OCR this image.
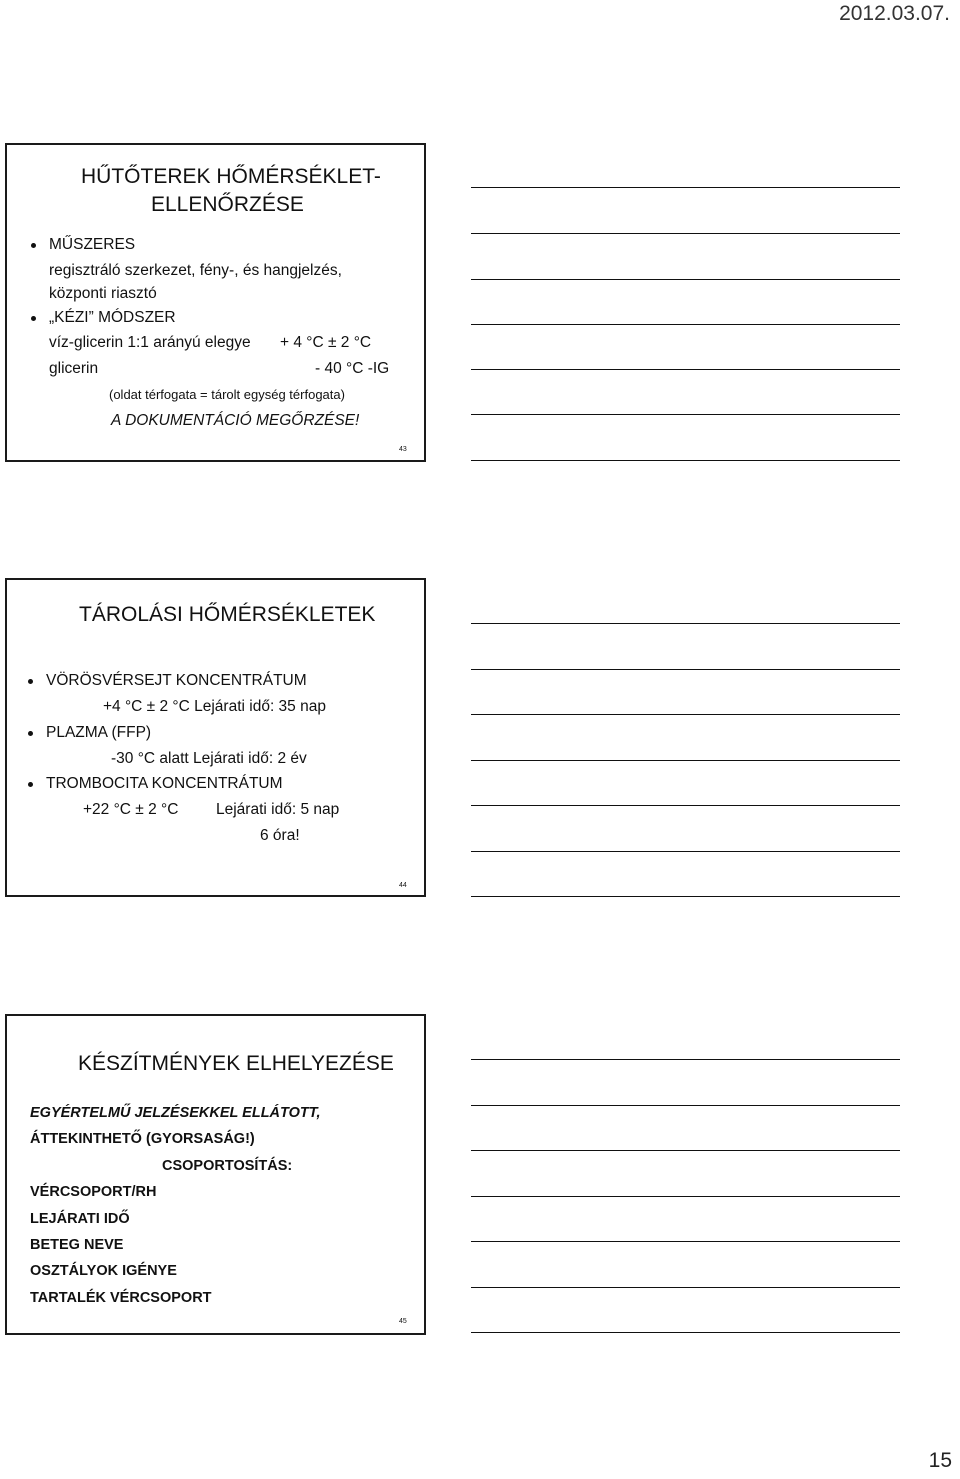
2012.03.07.
HŰTŐTEREK HŐMÉRSÉKLET-
ELLENŐRZÉSE
MŰSZERES
regisztráló szerkezet, fény-, és hangjelzés,
központi riasztó
„KÉZI” MÓDSZER
víz-glicerin 1:1 arányú elegye + 4 °C ± 2 °C
glicerin	- 40 °C -IG
(oldat térfogata = tárolt egység térfogata)
A DOKUMENTÁCIÓ MEGŐRZÉSE!
43
TÁROLÁSI HŐMÉRSÉKLETEK
VÖRÖSVÉRSEJT KONCENTRÁTUM
+4 °C ± 2 °C Lejárati idő: 35 nap
PLAZMA (FFP)
-30 °C alatt Lejárati idő: 2 év
TROMBOCITA KONCENTRÁTUM
+22 °C ± 2 °C Lejárati idő: 5 nap
6 óra!
44
KÉSZÍTMÉNYEK ELHELYEZÉSE
EGYÉRTELMŰ JELZÉSEKKEL ELLÁTOTT,
ÁTTEKINTHETŐ (GYORSASÁG!)
CSOPORTOSÍTÁS:
VÉRCSOPORT/RH
LEJÁRATI IDŐ
BETEG NEVE
OSZTÁLYOK IGÉNYE
TARTALÉK VÉRCSOPORT
45
15
